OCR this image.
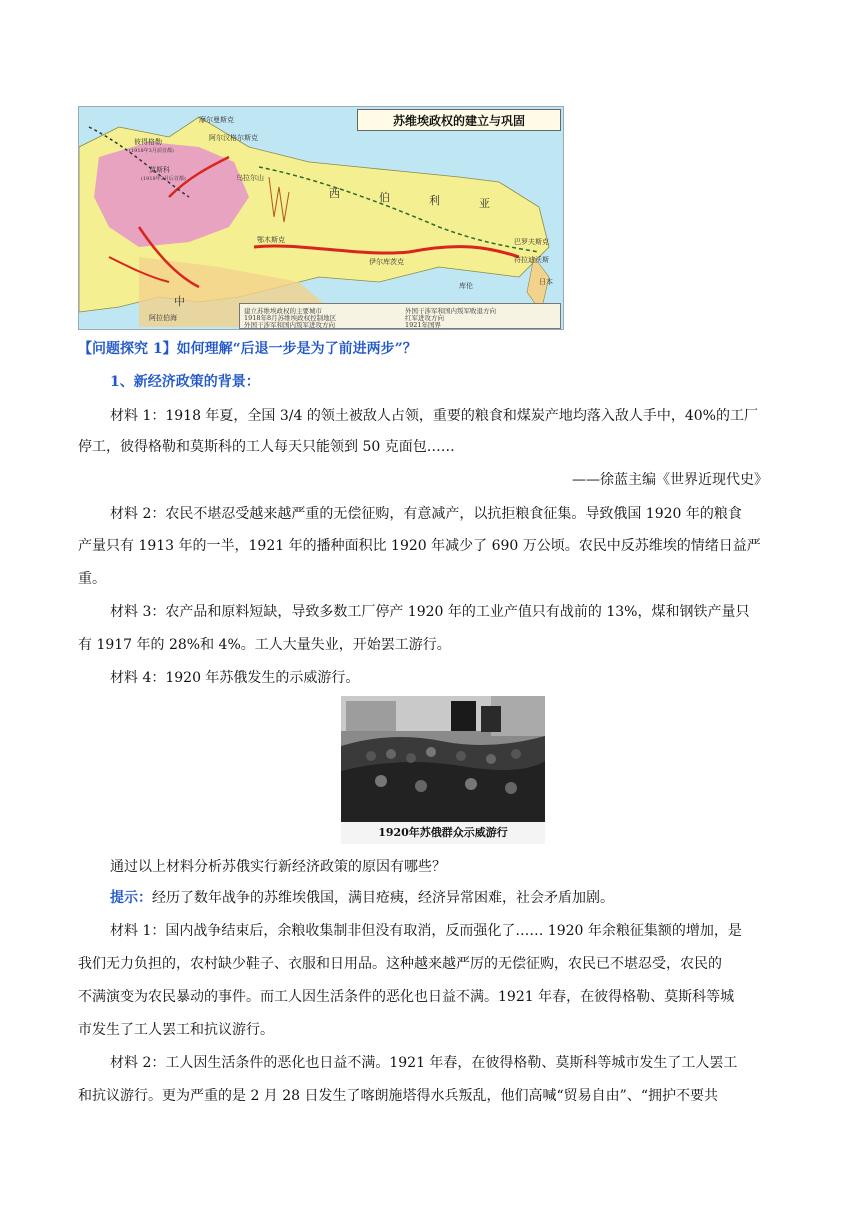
苏维埃政权的建立与巩固
摩尔曼斯克
阿尔汉格尔斯克
彼得格勒
(1918年3月前首都)
莫斯科
(1918年3月后首都)	乌拉尔山
西	伯	利	亚
鄂木斯克
伊尔库茨克
库伦
巴罗夫斯克
符拉迪沃斯
日本
中
阿拉伯海
建立苏维埃政权的主要城市
1918年8月苏维埃政权控制地区
外国干涉军和国内叛军进攻方向
外国干涉军和国内叛军败退方向
红军进攻方向
1921年国界
【问题探究 1】如何理解“后退一步是为了前进两步”？
1、新经济政策的背景：
材料 1：1918 年夏，全国 3/4 的领土被敌人占领，重要的粮食和煤炭产地均落入敌人手中，40%的工厂
停工，彼得格勒和莫斯科的工人每天只能领到 50 克面包……
——徐蓝主编《世界近现代史》
材料 2：农民不堪忍受越来越严重的无偿征购，有意减产，以抗拒粮食征集。导致俄国 1920 年的粮食
产量只有 1913 年的一半，1921 年的播种面积比 1920 年减少了 690 万公顷。农民中反苏维埃的情绪日益严
重。
材料 3：农产品和原料短缺，导致多数工厂停产 1920 年的工业产值只有战前的 13%，煤和钢铁产量只
有 1917 年的 28%和 4%。工人大量失业，开始罢工游行。
材料 4：1920 年苏俄发生的示威游行。
1920年苏俄群众示威游行
通过以上材料分析苏俄实行新经济政策的原因有哪些？
提示：经历了数年战争的苏维埃俄国，满目疮痍，经济异常困难，社会矛盾加剧。
材料 1：国内战争结束后，余粮收集制非但没有取消，反而强化了…… 1920 年余粮征集额的增加，是
我们无力负担的，农村缺少鞋子、衣服和日用品。这种越来越严厉的无偿征购，农民已不堪忍受，农民的
不满演变为农民暴动的事件。而工人因生活条件的恶化也日益不满。1921 年春，在彼得格勒、莫斯科等城
市发生了工人罢工和抗议游行。
材料 2：工人因生活条件的恶化也日益不满。1921 年春，在彼得格勒、莫斯科等城市发生了工人罢工
和抗议游行。更为严重的是 2 月 28 日发生了喀朗施塔得水兵叛乱，他们高喊“贸易自由”、“拥护不要共
